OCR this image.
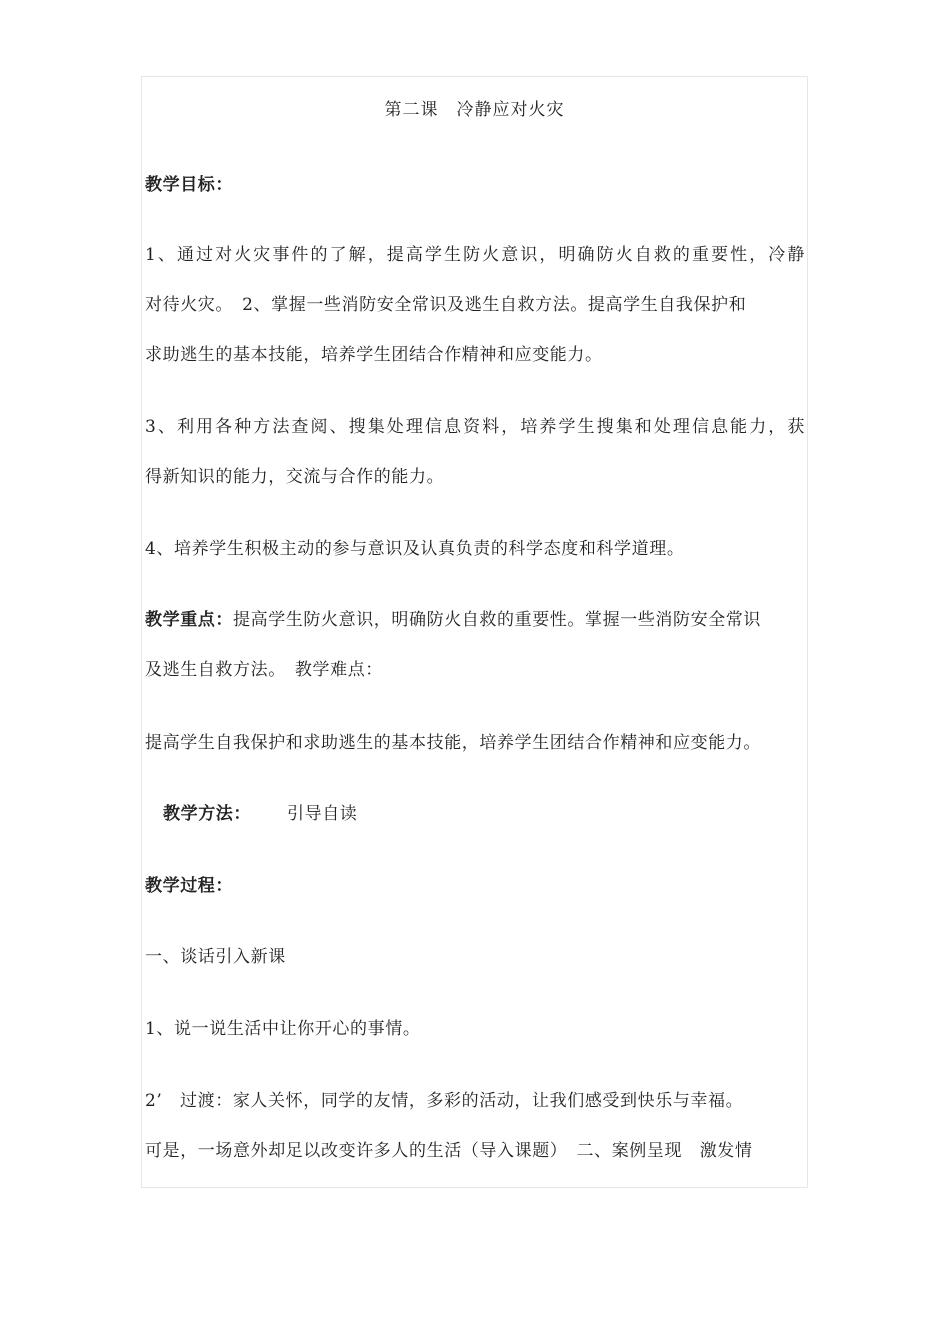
第二课　冷静应对火灾
教学目标：
1、通过对火灾事件的了解，提高学生防火意识，明确防火自救的重要性，冷静
对待火灾。　2、掌握一些消防安全常识及逃生自救方法。提高学生自我保护和
求助逃生的基本技能，培养学生团结合作精神和应变能力。
3、利用各种方法查阅、搜集处理信息资料，培养学生搜集和处理信息能力，获
得新知识的能力，交流与合作的能力。
4、培养学生积极主动的参与意识及认真负责的科学态度和科学道理。
教学重点：提高学生防火意识，明确防火自救的重要性。掌握一些消防安全常识
及逃生自救方法。　教学难点：
提高学生自我保护和求助逃生的基本技能，培养学生团结合作精神和应变能力。
教学方法： 引导自读
教学过程：
一、谈话引入新课
1、说一说生活中让你开心的事情。
2’　过渡：家人关怀，同学的友情，多彩的活动，让我们感受到快乐与幸福。
可是，一场意外却足以改变许多人的生活（导入课题）　二、案例呈现　激发情
